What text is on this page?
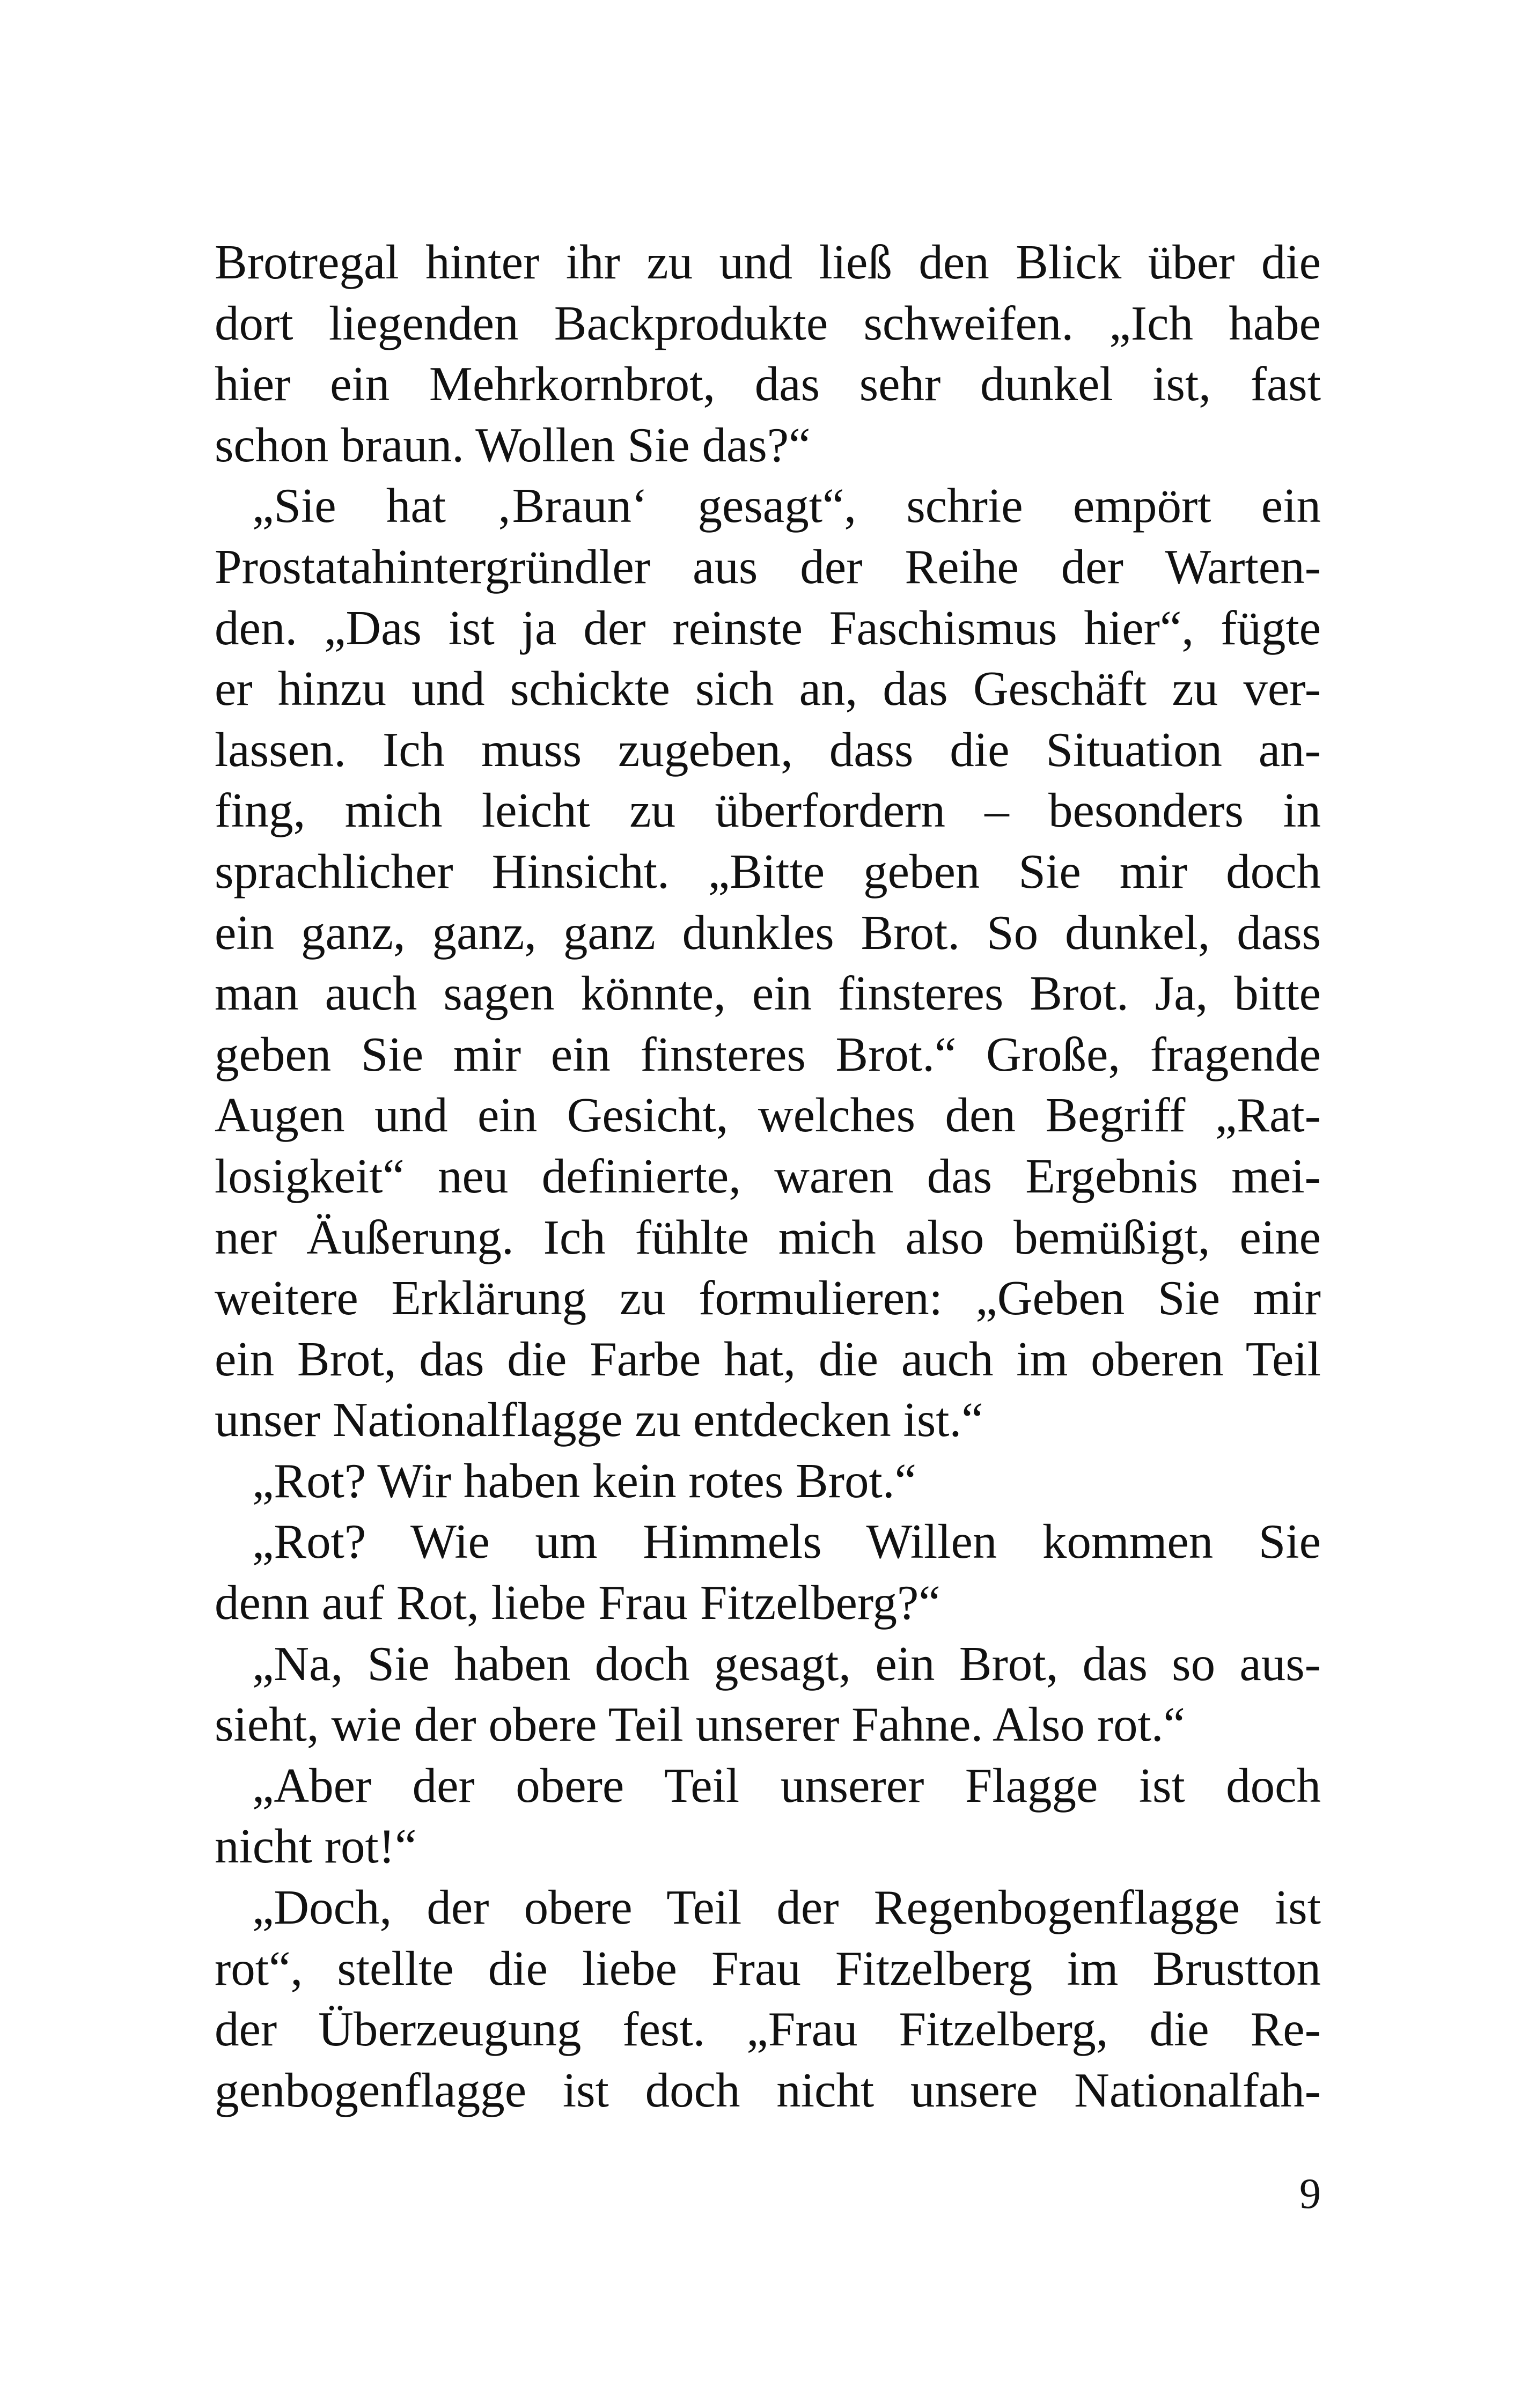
Brotregal hinter ihr zu und ließ den Blick über die
dort liegenden Backprodukte schweifen. „Ich habe
hier ein Mehrkornbrot, das sehr dunkel ist, fast
schon braun. Wollen Sie das?“
„Sie hat ‚Braun‘ gesagt“, schrie empört ein
Prostatahintergründler aus der Reihe der Warten-
den. „Das ist ja der reinste Faschismus hier“, fügte
er hinzu und schickte sich an, das Geschäft zu ver-
lassen. Ich muss zugeben, dass die Situation an-
fing, mich leicht zu überfordern – besonders in
sprachlicher Hinsicht. „Bitte geben Sie mir doch
ein ganz, ganz, ganz dunkles Brot. So dunkel, dass
man auch sagen könnte, ein finsteres Brot. Ja, bitte
geben Sie mir ein finsteres Brot.“ Große, fragende
Augen und ein Gesicht, welches den Begriff „Rat-
losigkeit“ neu definierte, waren das Ergebnis mei-
ner Äußerung. Ich fühlte mich also bemüßigt, eine
weitere Erklärung zu formulieren: „Geben Sie mir
ein Brot, das die Farbe hat, die auch im oberen Teil
unser Nationalflagge zu entdecken ist.“
„Rot? Wir haben kein rotes Brot.“
„Rot? Wie um Himmels Willen kommen Sie
denn auf Rot, liebe Frau Fitzelberg?“
„Na, Sie haben doch gesagt, ein Brot, das so aus-
sieht, wie der obere Teil unserer Fahne. Also rot.“
„Aber der obere Teil unserer Flagge ist doch
nicht rot!“
„Doch, der obere Teil der Regenbogenflagge ist
rot“, stellte die liebe Frau Fitzelberg im Brustton
der Überzeugung fest. „Frau Fitzelberg, die Re-
genbogenflagge ist doch nicht unsere Nationalfah-
9
